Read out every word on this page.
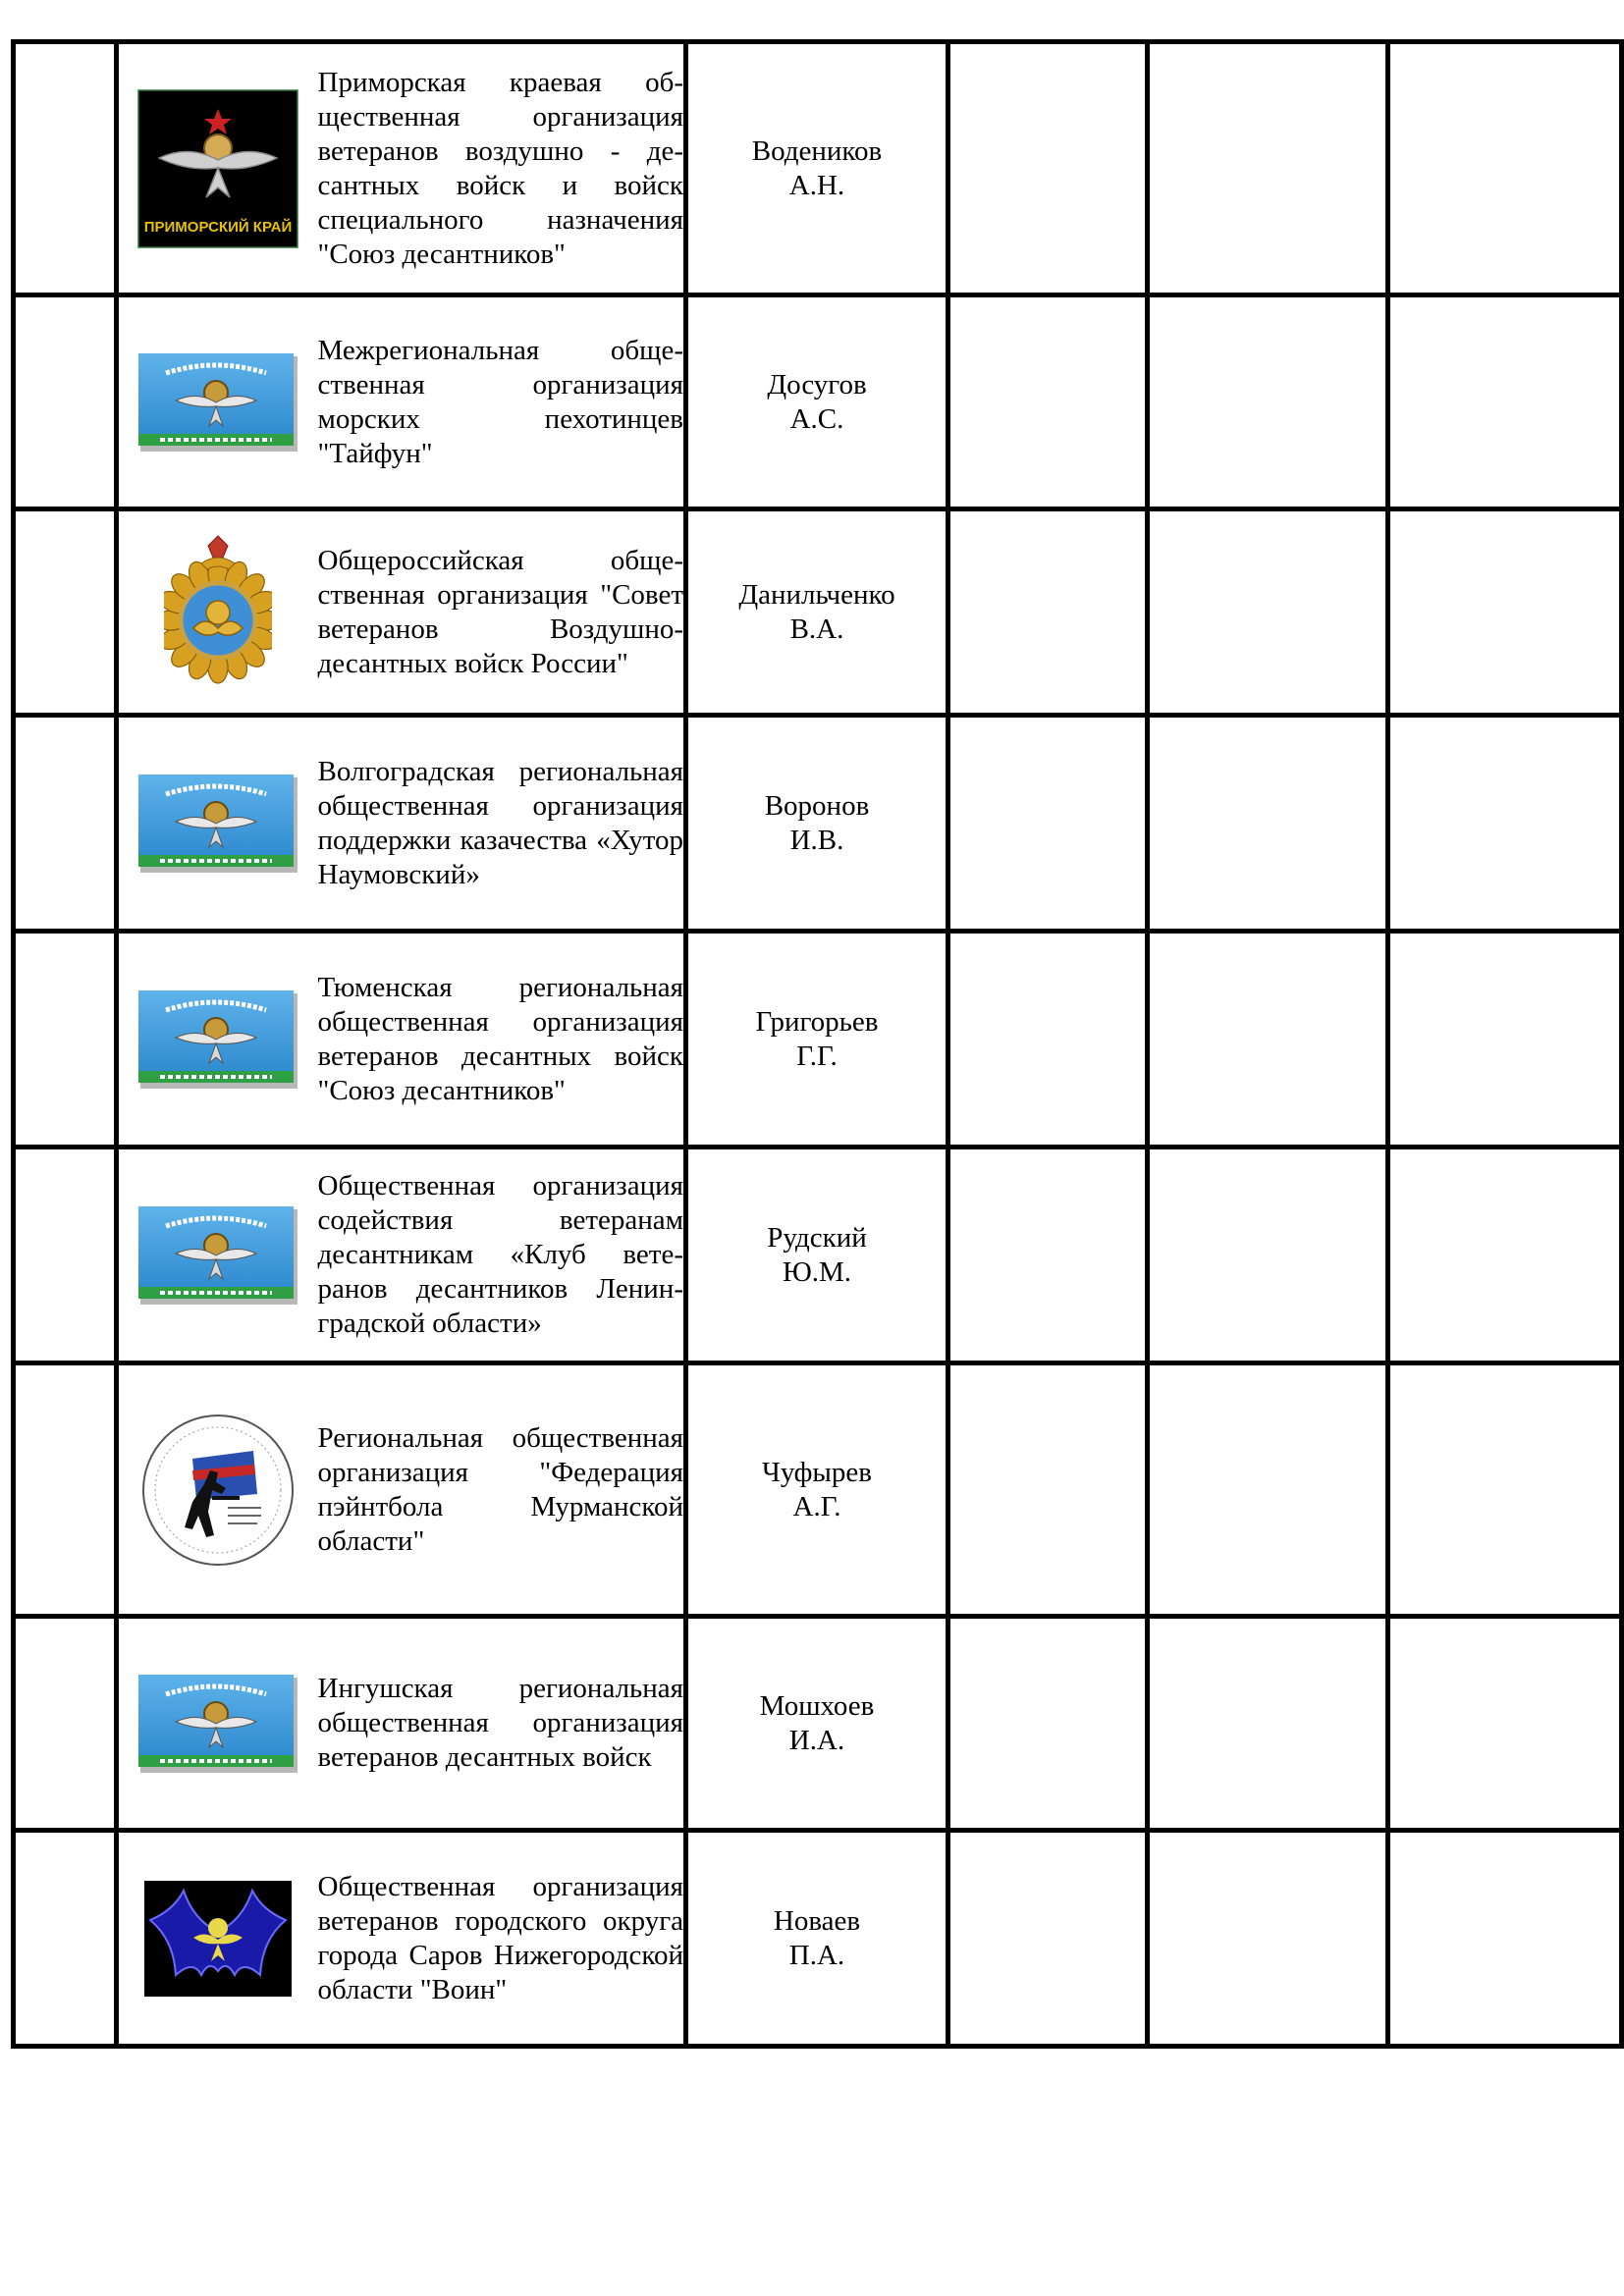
ПРИМОРСКИЙ КРАЙ	Приморская краевая общественная организация ветеранов воздушно - десантных войск и войск специального назначения "Союз десантников"	Водеников
А.Н.			

Межрегиональная общественная организация морских пехотинцев "Тайфун"	Досугов
А.С.			

Общероссийская общественная организация "Совет ветеранов Воздушно-десантных войск России"	Данильченко
В.А.			

Волгоградская региональная общественная организация поддержки казачества «Хутор Наумовский»	Воронов
И.В.			

Тюменская региональная общественная организация ветеранов десантных войск "Союз десантников"	Григорьев
Г.Г.			

Общественная организация содействия ветеранам десантникам «Клуб ветеранов десантников Ленинградской области»	Рудский
Ю.М.			

Региональная общественная организация "Федерация пэйнтбола Мурманской области"	Чуфырев
А.Г.			

Ингушская региональная общественная организация ветеранов десантных войск	Мошхоев
И.А.			

Общественная организация ветеранов городского округа города Саров Нижегородской области "Воин"	Новаев
П.А.			
